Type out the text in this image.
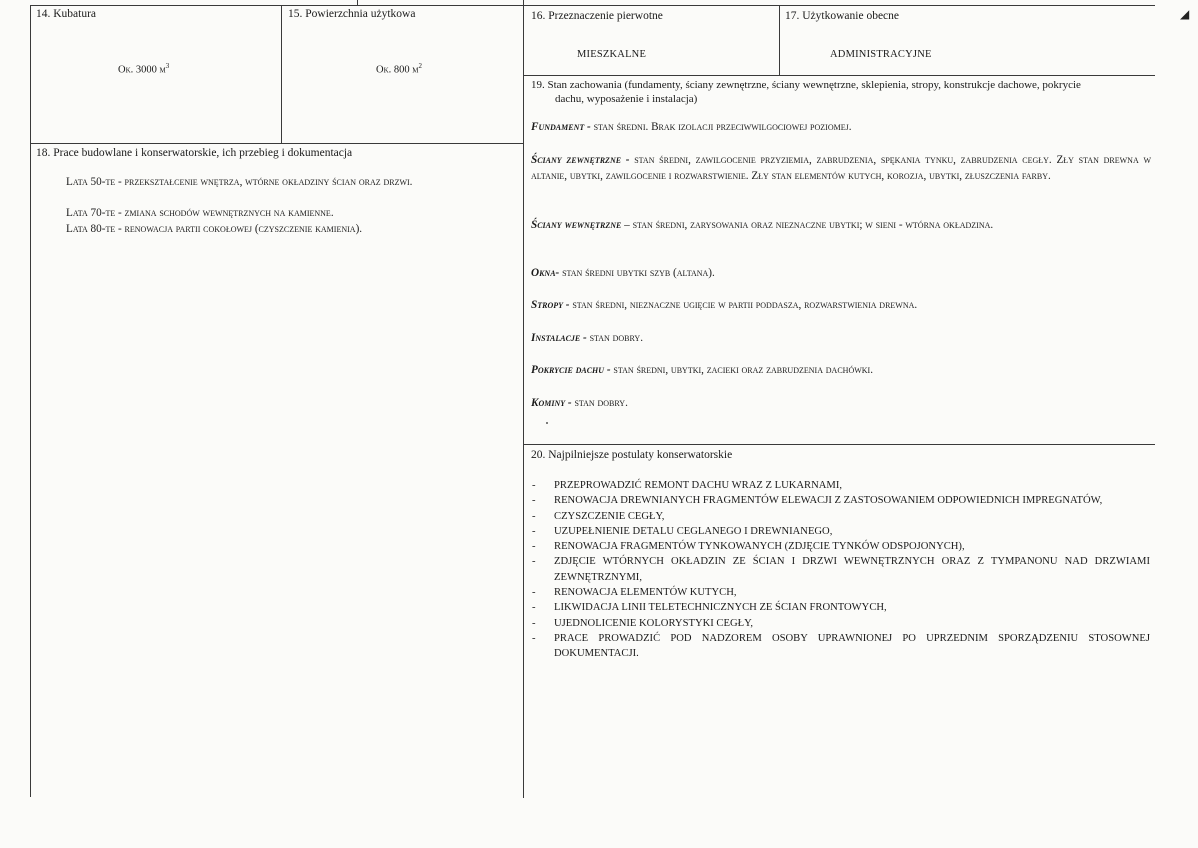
14. Kubatura
Ok. 3000 $m^3$
15. Powierzchnia użytkowa
Ok. 800 $m^2$
16. Przeznaczenie pierwotne
MIESZKALNE
17. Użytkowanie obecne
ADMINISTRACYJNE
18. Prace budowlane i konserwatorskie, ich przebieg i dokumentacja
Lata 50-te - przekształcenie wnętrza, wtórne okładziny ścian oraz drzwi.
Lata 70-te - zmiana schodów wewnętrznych na kamienne.
Lata 80-te - renowacja partii cokołowej (czyszczenie kamienia).
19. Stan zachowania (fundamenty, ściany zewnętrzne, ściany wewnętrzne, sklepienia, stropy, konstrukcje dachowe, pokrycie
dachu, wyposażenie i instalacja)
Fundament - stan średni. Brak izolacji przeciwwilgociowej poziomej.
Ściany zewnętrzne - stan średni, zawilgocenie przyziemia, zabrudzenia, spękania tynku, zabrudzenia cegły. Zły stan drewna w altanie, ubytki, zawilgocenie i rozwarstwienie. Zły stan elementów kutych, korozja, ubytki, złuszczenia farby.
Ściany wewnętrzne – stan średni, zarysowania oraz nieznaczne ubytki; w sieni - wtórna okładzina.
Okna- stan średni ubytki szyb (altana).
Stropy - stan średni, nieznaczne ugięcie w partii poddasza, rozwarstwienia drewna.
Instalacje - stan dobry.
Pokrycie dachu - stan średni, ubytki, zacieki oraz zabrudzenia dachówki.
Kominy - stan dobry.
20. Najpilniejsze postulaty konserwatorskie
- PRZEPROWADZIĆ REMONT DACHU WRAZ Z LUKARNAMI,
- RENOWACJA DREWNIANYCH FRAGMENTÓW ELEWACJI Z ZASTOSOWANIEM ODPOWIEDNICH IMPREGNATÓW,
- CZYSZCZENIE CEGŁY,
- UZUPEŁNIENIE DETALU CEGLANEGO I DREWNIANEGO,
- RENOWACJA FRAGMENTÓW TYNKOWANYCH (ZDJĘCIE TYNKÓW ODSPOJONYCH),
- ZDJĘCIE WTÓRNYCH OKŁADZIN ZE ŚCIAN I DRZWI WEWNĘTRZNYCH ORAZ Z TYMPANONU NAD DRZWIAMI ZEWNĘTRZNYMI,
- RENOWACJA ELEMENTÓW KUTYCH,
- LIKWIDACJA LINII TELETECHNICZNYCH ZE ŚCIAN FRONTOWYCH,
- UJEDNOLICENIE KOLORYSTYKI CEGŁY,
- PRACE PROWADZIĆ POD NADZOREM OSOBY UPRAWNIONEJ PO UPRZEDNIM SPORZĄDZENIU STOSOWNEJ DOKUMENTACJI.
◢
